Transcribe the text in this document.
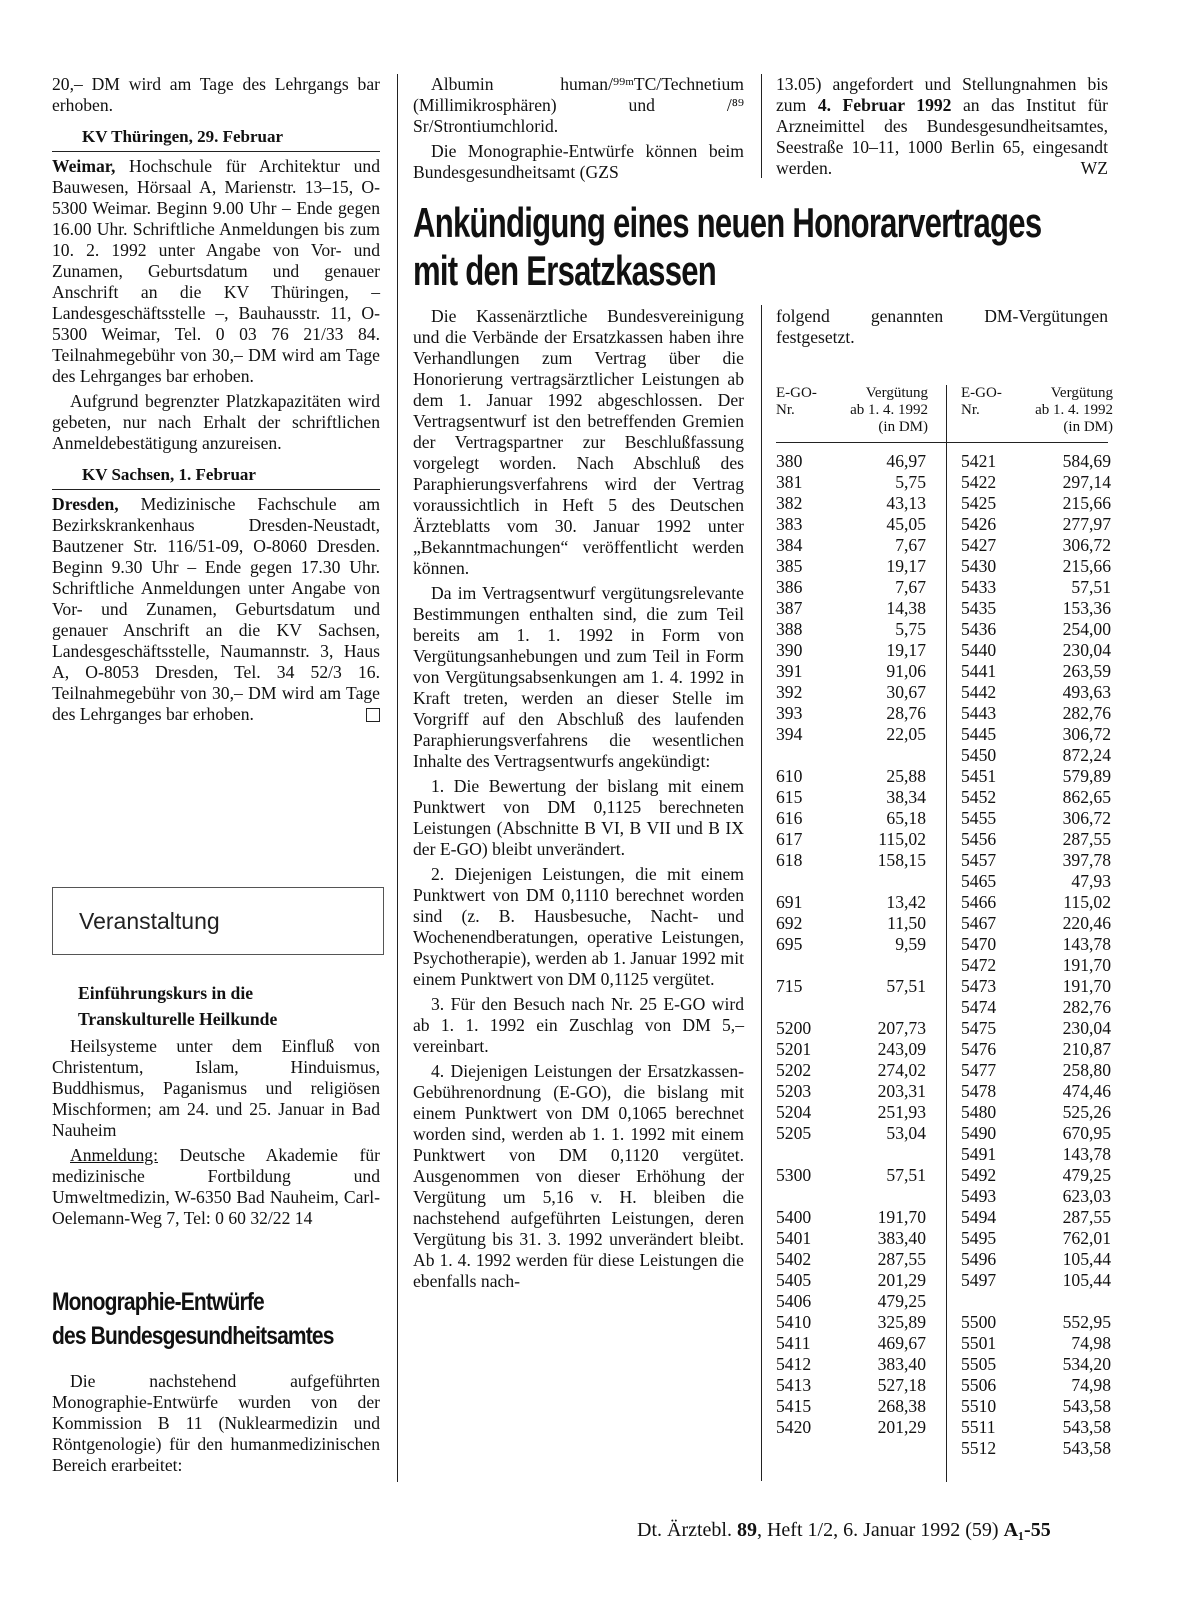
20,– DM wird am Tage des Lehrgangs bar erhoben.

KV Thüringen, 29. Februar

Weimar, Hochschule für Architektur und Bauwesen, Hörsaal A, Marienstr. 13–15, O-5300 Weimar. Beginn 9.00 Uhr – Ende gegen 16.00 Uhr. Schriftliche Anmeldungen bis zum 10. 2. 1992 unter Angabe von Vor- und Zunamen, Geburtsdatum und genauer Anschrift an die KV Thüringen, – Landesgeschäftsstelle –, Bauhausstr. 11, O-5300 Weimar, Tel. 0 03 76 21/33 84. Teilnahmegebühr von 30,– DM wird am Tage des Lehrganges bar erhoben.

Aufgrund begrenzter Platzkapazitäten wird gebeten, nur nach Erhalt der schriftlichen Anmeldebestätigung anzureisen.

KV Sachsen, 1. Februar

Dresden, Medizinische Fachschule am Bezirkskrankenhaus Dresden-Neustadt, Bautzener Str. 116/51-09, O-8060 Dresden. Beginn 9.30 Uhr – Ende gegen 17.30 Uhr. Schriftliche Anmeldungen unter Angabe von Vor- und Zunamen, Geburtsdatum und genauer Anschrift an die KV Sachsen, Landesgeschäftsstelle, Naumannstr. 3, Haus A, O-8053 Dresden, Tel. 34 52/3 16. Teilnahmegebühr von 30,– DM wird am Tage des Lehrganges bar erhoben.

Veranstaltung

Einführungskurs in die

Transkulturelle Heilkunde

Heilsysteme unter dem Einfluß von Christentum, Islam, Hinduismus, Buddhismus, Paganismus und religiösen Mischformen; am 24. und 25. Januar in Bad Nauheim

Anmeldung: Deutsche Akademie für medizinische Fortbildung und Umweltmedizin, W-6350 Bad Nauheim, Carl-Oelemann-Weg 7, Tel: 0 60 32/22 14

Monographie-Entwürfe
des Bundesgesundheitsamtes

Die nachstehend aufgeführten Monographie-Entwürfe wurden von der Kommission B 11 (Nuklearmedizin und Röntgenologie) für den humanmedizinischen Bereich erarbeitet:

Albumin human/⁹⁹ᵐTC/Technetium (Millimikrosphären) und /⁸⁹ Sr/Strontiumchlorid.

Die Monographie-Entwürfe können beim Bundesgesundheitsamt (GZS

13.05) angefordert und Stellungnahmen bis zum 4. Februar 1992 an das Institut für Arzneimittel des Bundesgesundheitsamtes, Seestraße 10–11, 1000 Berlin 65, eingesandt werden.	WZ

Ankündigung eines neuen Honorarvertrages
mit den Ersatzkassen

Die Kassenärztliche Bundesvereinigung und die Verbände der Ersatzkassen haben ihre Verhandlungen zum Vertrag über die Honorierung vertragsärztlicher Leistungen ab dem 1. Januar 1992 abgeschlossen. Der Vertragsentwurf ist den betreffenden Gremien der Vertragspartner zur Beschlußfassung vorgelegt worden. Nach Abschluß des Paraphierungsverfahrens wird der Vertrag voraussichtlich in Heft 5 des Deutschen Ärzteblatts vom 30. Januar 1992 unter „Bekanntmachungen“ veröffentlicht werden können.

Da im Vertragsentwurf vergütungsrelevante Bestimmungen enthalten sind, die zum Teil bereits am 1. 1. 1992 in Form von Vergütungsanhebungen und zum Teil in Form von Vergütungsabsenkungen am 1. 4. 1992 in Kraft treten, werden an dieser Stelle im Vorgriff auf den Abschluß des laufenden Paraphierungsverfahrens die wesentlichen Inhalte des Vertragsentwurfs angekündigt:

1. Die Bewertung der bislang mit einem Punktwert von DM 0,1125 berechneten Leistungen (Abschnitte B VI, B VII und B IX der E-GO) bleibt unverändert.

2. Diejenigen Leistungen, die mit einem Punktwert von DM 0,1110 berechnet worden sind (z. B. Hausbesuche, Nacht- und Wochenendberatungen, operative Leistungen, Psychotherapie), werden ab 1. Januar 1992 mit einem Punktwert von DM 0,1125 vergütet.

3. Für den Besuch nach Nr. 25 E-GO wird ab 1. 1. 1992 ein Zuschlag von DM 5,– vereinbart.

4. Diejenigen Leistungen der Ersatzkassen-Gebührenordnung (E-GO), die bislang mit einem Punktwert von DM 0,1065 berechnet worden sind, werden ab 1. 1. 1992 mit einem Punktwert von DM 0,1120 vergütet. Ausgenommen von dieser Erhöhung der Vergütung um 5,16 v. H. bleiben die nachstehend aufgeführten Leistungen, deren Vergütung bis 31. 3. 1992 unverändert bleibt. Ab 1. 4. 1992 werden für diese Leistungen die ebenfalls nach-

folgend genannten DM-Vergütungen festgesetzt.

E-GO-	Vergütung
Nr.	ab 1. 4. 1992
(in DM)
E-GO-	Vergütung
Nr.	ab 1. 4. 1992
(in DM)
380	46,97
381	5,75
382	43,13
383	45,05
384	7,67
385	19,17
386	7,67
387	14,38
388	5,75
390	19,17
391	91,06
392	30,67
393	28,76
394	22,05
610	25,88
615	38,34
616	65,18
617	115,02
618	158,15
691	13,42
692	11,50
695	9,59
715	57,51
5200	207,73
5201	243,09
5202	274,02
5203	203,31
5204	251,93
5205	53,04
5300	57,51
5400	191,70
5401	383,40
5402	287,55
5405	201,29
5406	479,25
5410	325,89
5411	469,67
5412	383,40
5413	527,18
5415	268,38
5420	201,29
5421	584,69
5422	297,14
5425	215,66
5426	277,97
5427	306,72
5430	215,66
5433	57,51
5435	153,36
5436	254,00
5440	230,04
5441	263,59
5442	493,63
5443	282,76
5445	306,72
5450	872,24
5451	579,89
5452	862,65
5455	306,72
5456	287,55
5457	397,78
5465	47,93
5466	115,02
5467	220,46
5470	143,78
5472	191,70
5473	191,70
5474	282,76
5475	230,04
5476	210,87
5477	258,80
5478	474,46
5480	525,26
5490	670,95
5491	143,78
5492	479,25
5493	623,03
5494	287,55
5495	762,01
5496	105,44
5497	105,44
5500	552,95
5501	74,98
5505	534,20
5506	74,98
5510	543,58
5511	543,58
5512	543,58
Dt. Ärztebl. 89, Heft 1/2, 6. Januar 1992 (59) A₁-55
